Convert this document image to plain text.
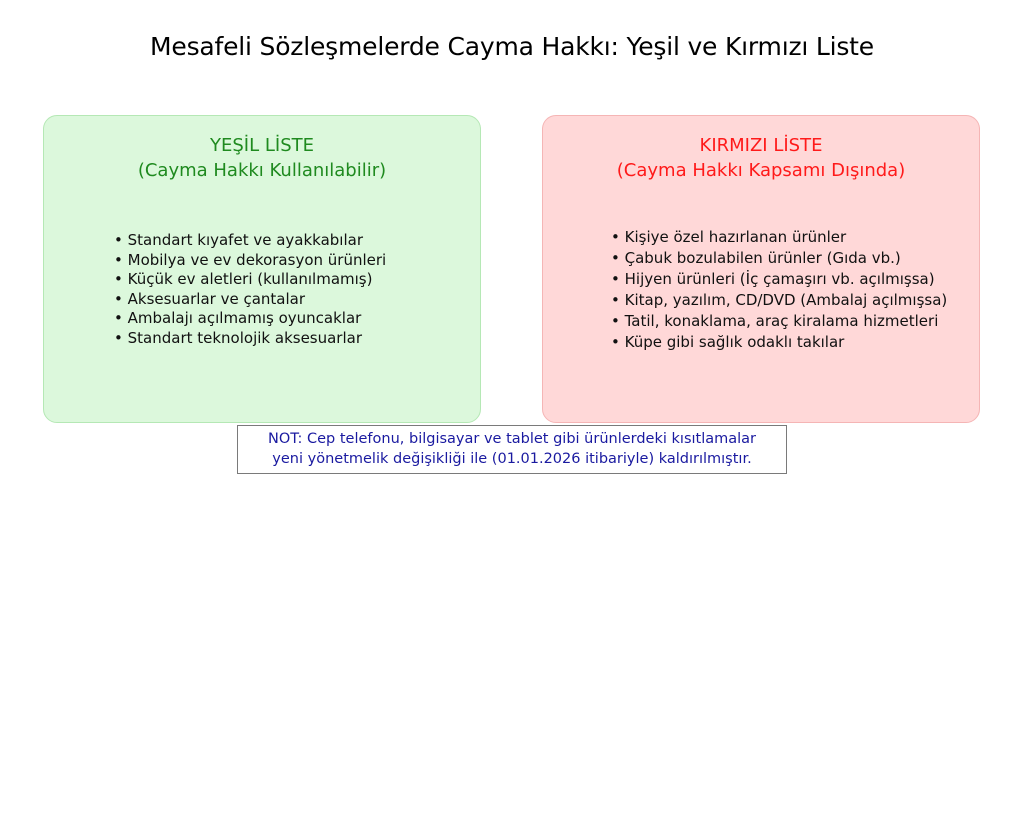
Mesafeli Sözleşmelerde Cayma Hakkı: Yeşil ve Kırmızı Liste
YEŞİL LİSTE
(Cayma Hakkı Kullanılabilir)
• Standart kıyafet ve ayakkabılar
• Mobilya ve ev dekorasyon ürünleri
• Küçük ev aletleri (kullanılmamış)
• Aksesuarlar ve çantalar
• Ambalajı açılmamış oyuncaklar
• Standart teknolojik aksesuarlar
KIRMIZI LİSTE
(Cayma Hakkı Kapsamı Dışında)
• Kişiye özel hazırlanan ürünler
• Çabuk bozulabilen ürünler (Gıda vb.)
• Hijyen ürünleri (İç çamaşırı vb. açılmışsa)
• Kitap, yazılım, CD/DVD (Ambalaj açılmışsa)
• Tatil, konaklama, araç kiralama hizmetleri
• Küpe gibi sağlık odaklı takılar
NOT: Cep telefonu, bilgisayar ve tablet gibi ürünlerdeki kısıtlamalar
yeni yönetmelik değişikliği ile (01.01.2026 itibariyle) kaldırılmıştır.
